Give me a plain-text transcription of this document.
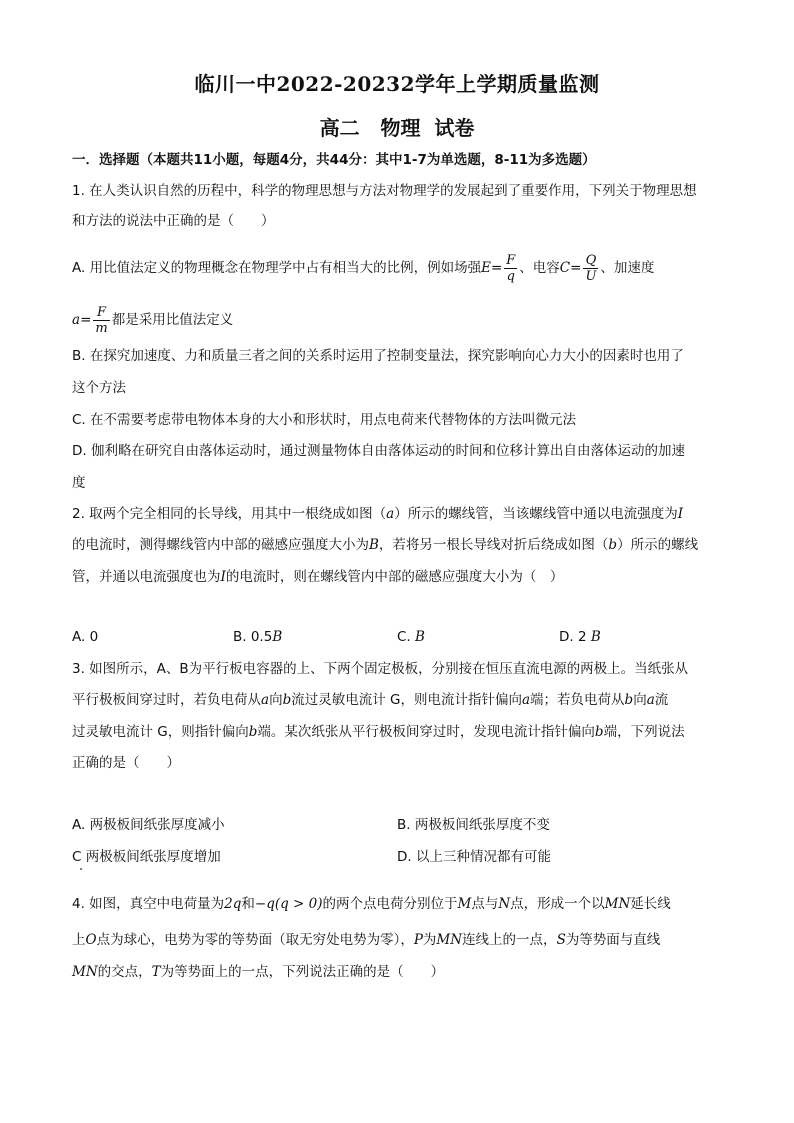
临川一中2022-20232学年上学期质量监测
高二   物理  试卷
一．选择题（本题共11小题，每题4分，共44分：其中1-7为单选题，8-11为多选题）
1. 在人类认识自然的历程中，科学的物理思想与方法对物理学的发展起到了重要作用，下列关于物理思想
和方法的说法中正确的是（　　）
A. 用比值法定义的物理概念在物理学中占有相当大的比例，例如场强$E= \frac{F}{q}$ 、电容$C= \frac{Q}{U}$ 、加速度
$a= \frac{F}{m}$ 都是采用比值法定义
B. 在探究加速度、力和质量三者之间的关系时运用了控制变量法，探究影响向心力大小的因素时也用了
这个方法
C. 在不需要考虑带电物体本身的大小和形状时，用点电荷来代替物体的方法叫微元法
D. 伽利略在研究自由落体运动时，通过测量物体自由落体运动的时间和位移计算出自由落体运动的加速
度
2. 取两个完全相同的长导线，用其中一根绕成如图（a）所示的螺线管，当该螺线管中通以电流强度为I
的电流时，测得螺线管内中部的磁感应强度大小为B，若将另一根长导线对折后绕成如图（b）所示的螺线
管，并通以电流强度也为I的电流时，则在螺线管内中部的磁感应强度大小为（　）
A. 0	B. 0.5B	C. B	D. 2 B
3. 如图所示，A、B为平行板电容器的上、下两个固定极板，分别接在恒压直流电源的两极上。当纸张从
平行极板间穿过时，若负电荷从a向b流过灵敏电流计 G，则电流计指针偏向a端；若负电荷从b向a流
过灵敏电流计 G，则指针偏向b端。某次纸张从平行极板间穿过时，发现电流计指针偏向b端，下列说法
正确的是（　　）
A. 两极板间纸张厚度减小	B. 两极板间纸张厚度不变
C 两极板间纸张厚度增加	D. 以上三种情况都有可能
4. 如图，真空中电荷量为2q和−q(q > 0)的两个点电荷分别位于M点与N点，形成一个以MN延长线
上O点为球心，电势为零的等势面（取无穷处电势为零），P为MN连线上的一点，S为等势面与直线
MN的交点，T为等势面上的一点，下列说法正确的是（　　）
